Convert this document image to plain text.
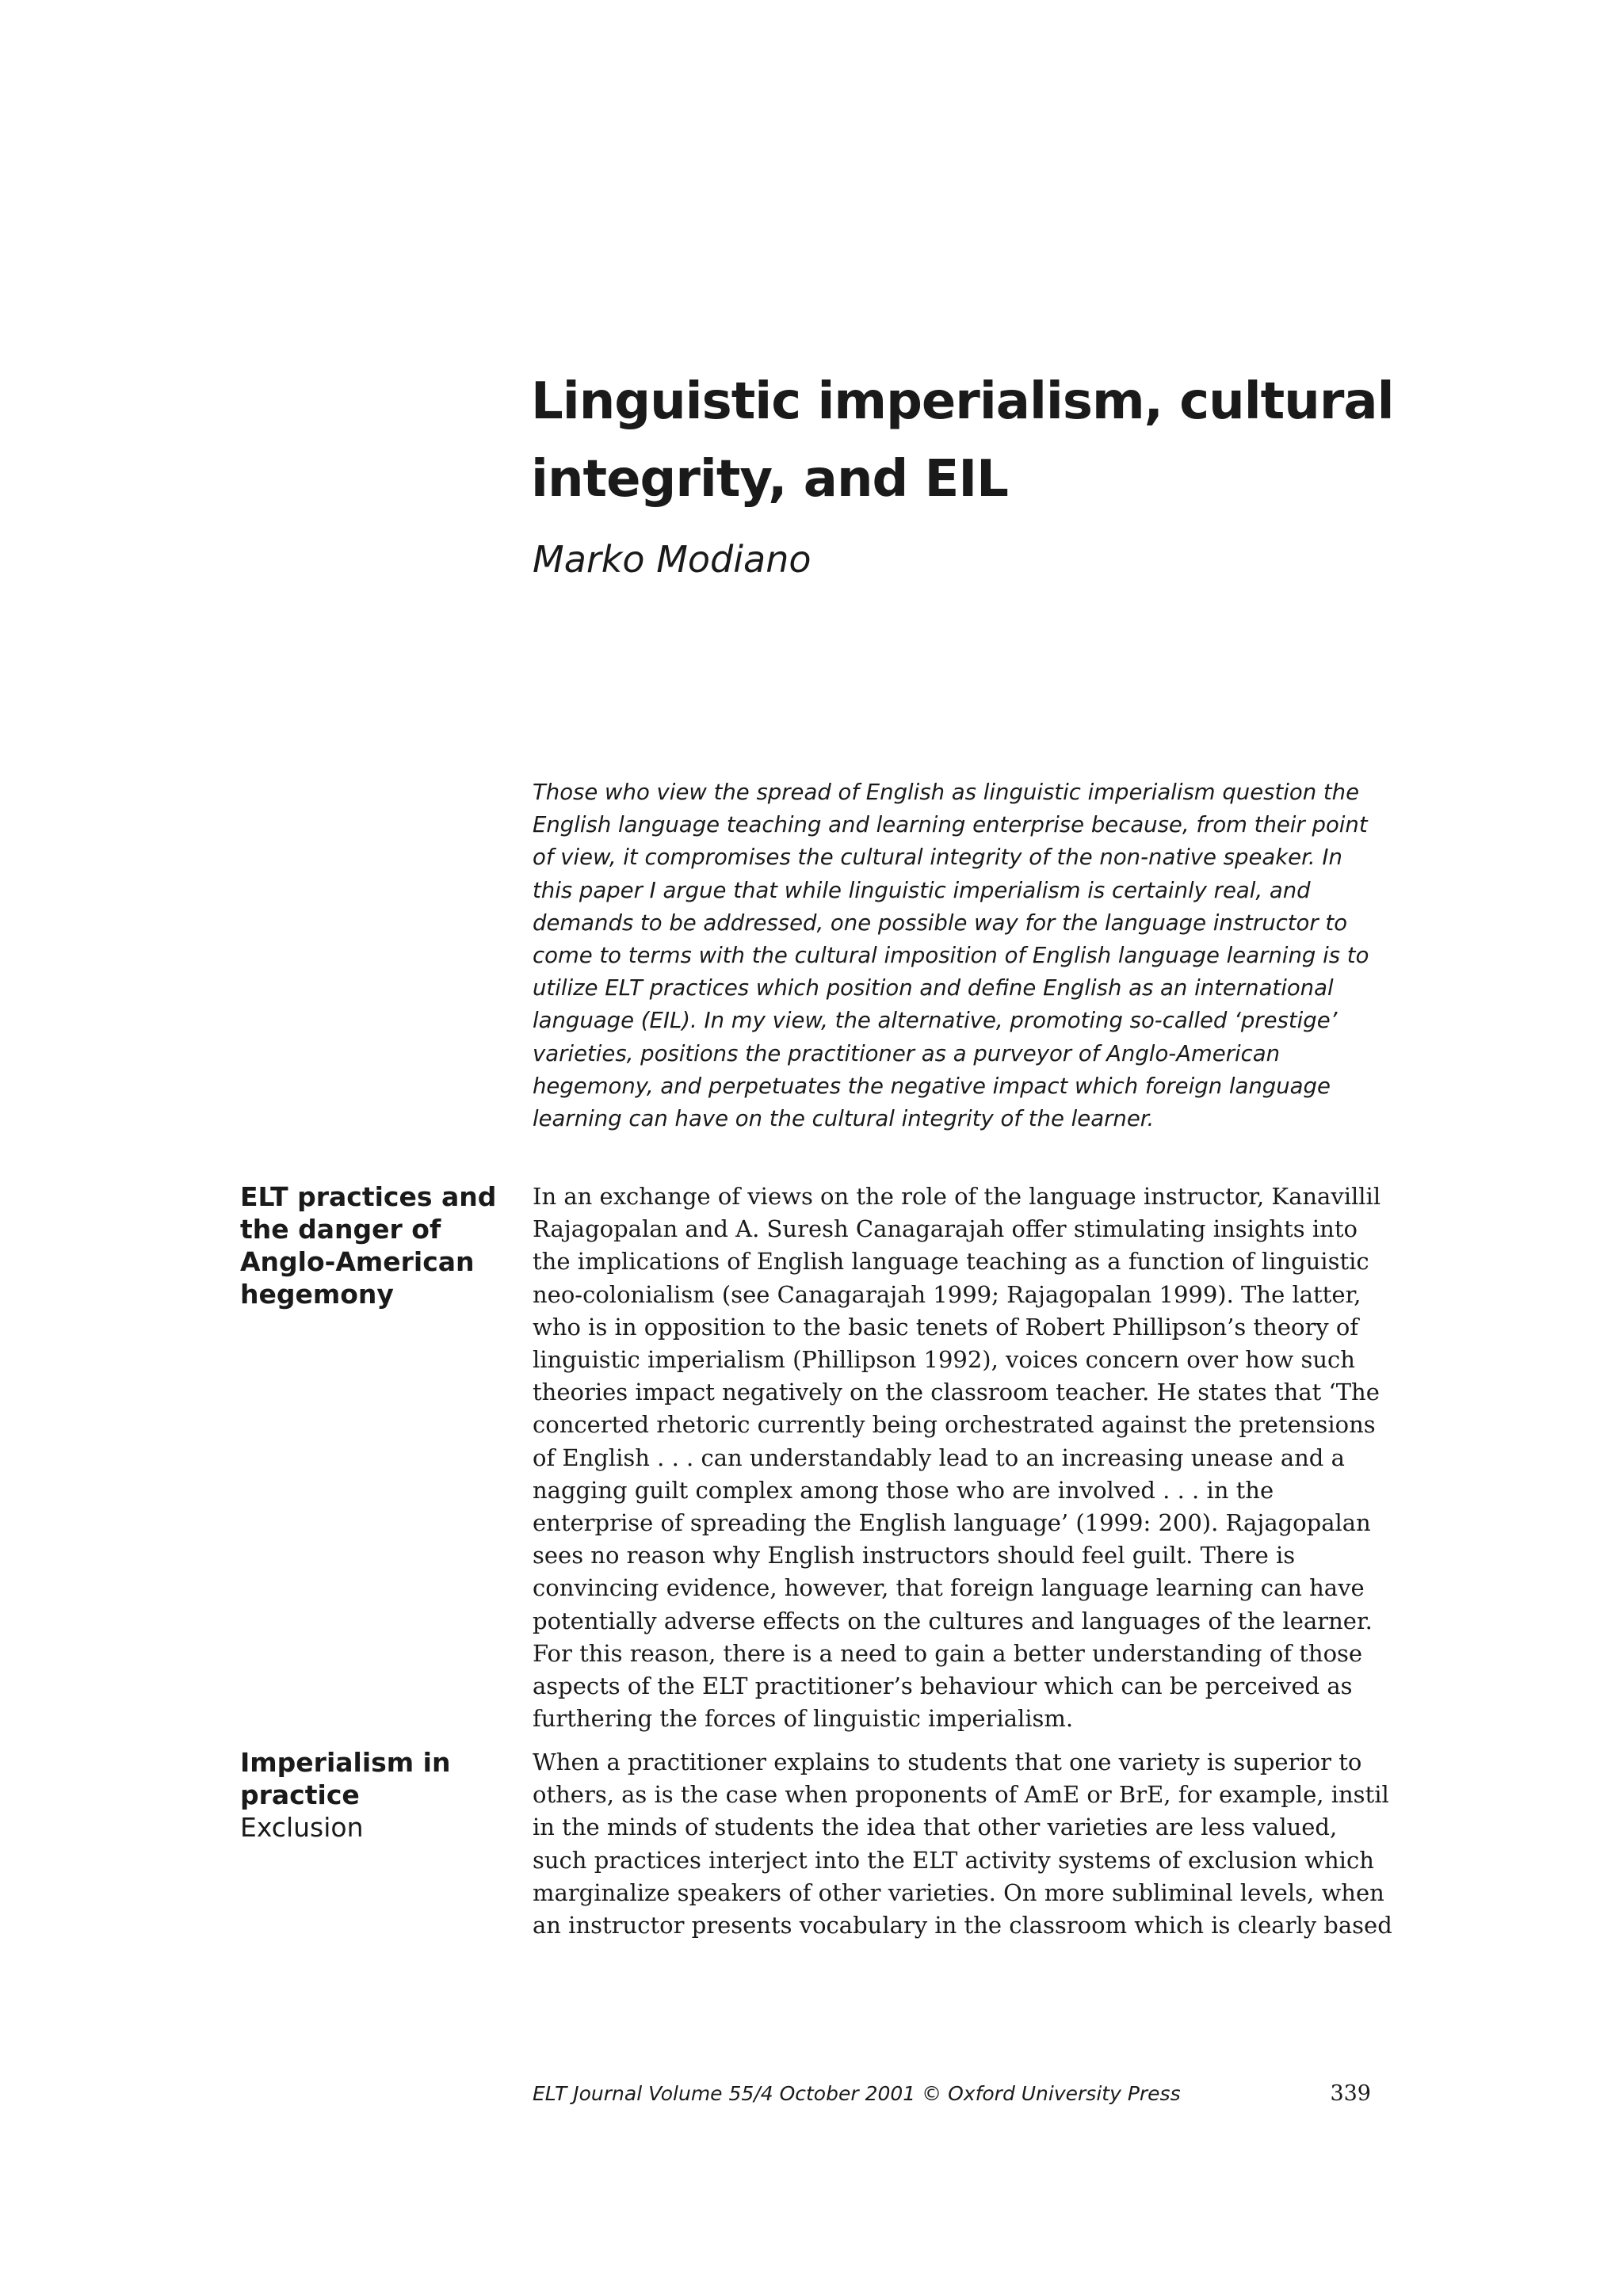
Linguistic imperialism, cultural integrity, and EIL

Marko Modiano

Those who view the spread of English as linguistic imperialism question the English language teaching and learning enterprise because, from their point of view, it compromises the cultural integrity of the non-native speaker. In this paper I argue that while linguistic imperialism is certainly real, and demands to be addressed, one possible way for the language instructor to come to terms with the cultural imposition of English language learning is to utilize ELT practices which position and define English as an international language (EIL). In my view, the alternative, promoting so-called ‘prestige’ varieties, positions the practitioner as a purveyor of Anglo-American hegemony, and perpetuates the negative impact which foreign language learning can have on the cultural integrity of the learner.

ELT practices and the danger of Anglo-American hegemony

In an exchange of views on the role of the language instructor, Kanavillil Rajagopalan and A. Suresh Canagarajah offer stimulating insights into the implications of English language teaching as a function of linguistic neo-colonialism (see Canagarajah 1999; Rajagopalan 1999). The latter, who is in opposition to the basic tenets of Robert Phillipson’s theory of linguistic imperialism (Phillipson 1992), voices concern over how such theories impact negatively on the classroom teacher. He states that ‘The concerted rhetoric currently being orchestrated against the pretensions of English . . . can understandably lead to an increasing unease and a nagging guilt complex among those who are involved . . . in the enterprise of spreading the English language’ (1999: 200). Rajagopalan sees no reason why English instructors should feel guilt. There is convincing evidence, however, that foreign language learning can have potentially adverse effects on the cultures and languages of the learner. For this reason, there is a need to gain a better understanding of those aspects of the ELT practitioner’s behaviour which can be perceived as furthering the forces of linguistic imperialism.

Imperialism in practice
Exclusion

When a practitioner explains to students that one variety is superior to others, as is the case when proponents of AmE or BrE, for example, instil in the minds of students the idea that other varieties are less valued, such practices interject into the ELT activity systems of exclusion which marginalize speakers of other varieties. On more subliminal levels, when an instructor presents vocabulary in the classroom which is clearly based

ELT Journal Volume 55/4 October 2001 © Oxford University Press	339
